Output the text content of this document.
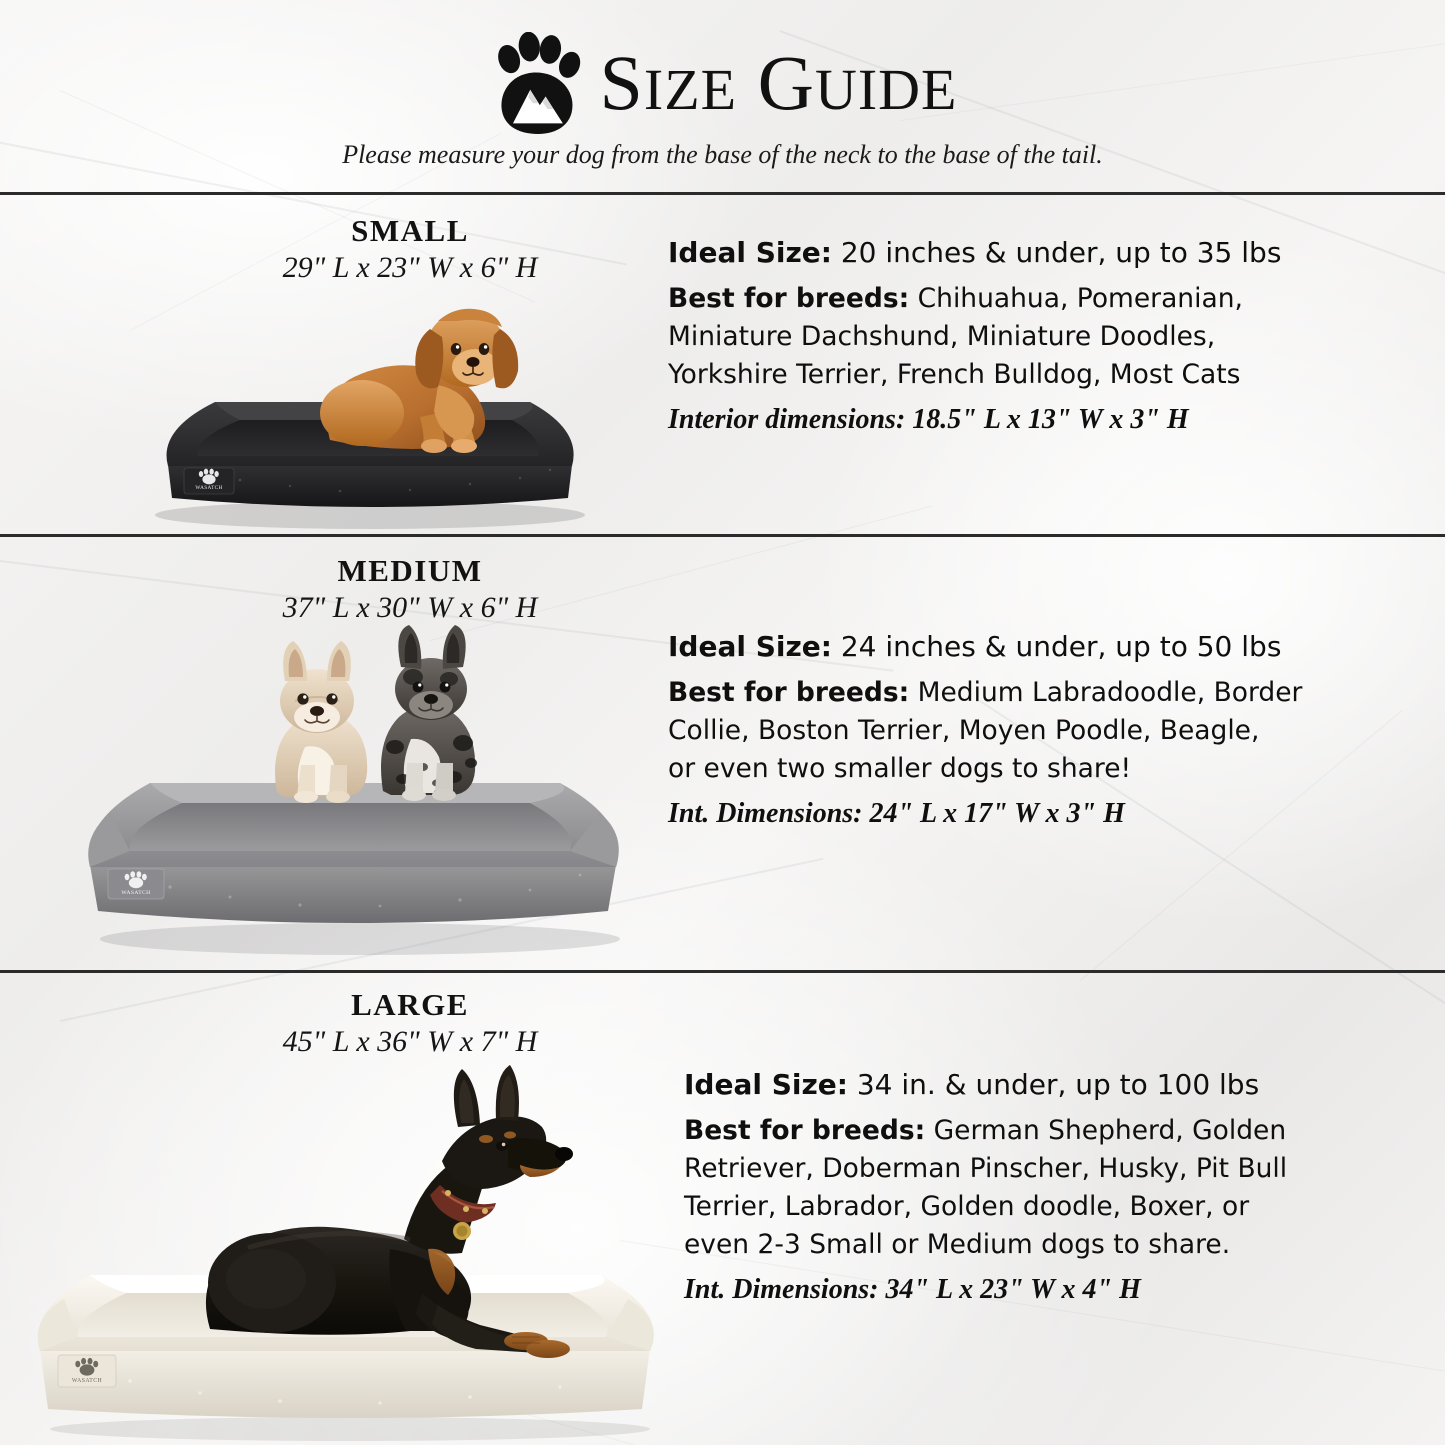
SIZE GUIDE
Please measure your dog from the base of the neck to the base of the tail.
SMALL
29" L x 23" W x 6" H
WASATCH
Ideal Size: 20 inches & under, up to 35 lbs
Best for breeds: Chihuahua, Pomeranian,
Miniature Dachshund, Miniature Doodles,
Yorkshire Terrier, French Bulldog, Most Cats
Interior dimensions: 18.5" L x 13" W x 3" H
MEDIUM
37" L x 30" W x 6" H
WASATCH
Ideal Size: 24 inches & under, up to 50 lbs
Best for breeds: Medium Labradoodle, Border
Collie, Boston Terrier, Moyen Poodle, Beagle,
or even two smaller dogs to share!
Int. Dimensions: 24" L x 17" W x 3" H
LARGE
45" L x 36" W x 7" H
WASATCH
Ideal Size: 34 in. & under, up to 100 lbs
Best for breeds: German Shepherd, Golden
Retriever, Doberman Pinscher, Husky, Pit Bull
Terrier, Labrador, Golden doodle, Boxer, or
even 2-3 Small or Medium dogs to share.
Int. Dimensions: 34" L x 23" W x 4" H
